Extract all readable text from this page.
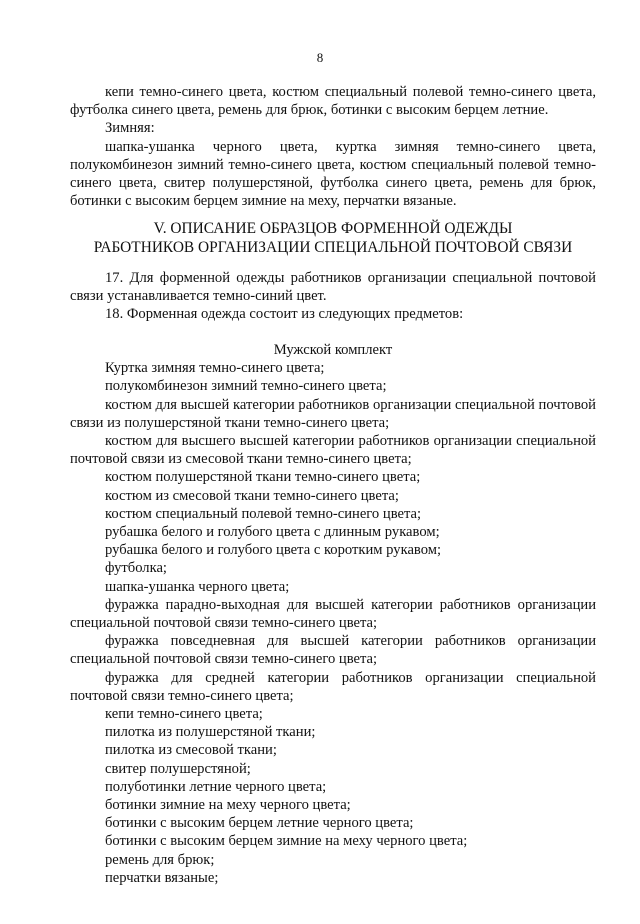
8

кепи темно-синего цвета, костюм специальный полевой темно-синего цвета, футболка синего цвета, ремень для брюк, ботинки с высоким берцем летние.

Зимняя:

шапка-ушанка черного цвета, куртка зимняя темно-синего цвета, полукомбинезон зимний темно-синего цвета, костюм специальный полевой темно-синего цвета, свитер полушерстяной, футболка синего цвета, ремень для брюк, ботинки с высоким берцем зимние на меху, перчатки вязаные.

V. ОПИСАНИЕ ОБРАЗЦОВ ФОРМЕННОЙ ОДЕЖДЫ

РАБОТНИКОВ ОРГАНИЗАЦИИ СПЕЦИАЛЬНОЙ ПОЧТОВОЙ СВЯЗИ

17. Для форменной одежды работников организации специальной почтовой связи устанавливается темно-синий цвет.

18. Форменная одежда состоит из следующих предметов:

Мужской комплект

Куртка зимняя темно-синего цвета;

полукомбинезон зимний темно-синего цвета;

костюм для высшей категории работников организации специальной почтовой связи из полушерстяной ткани темно-синего цвета;

костюм для высшего высшей категории работников организации специальной почтовой связи из смесовой ткани темно-синего цвета;

костюм полушерстяной ткани темно-синего цвета;

костюм из смесовой ткани темно-синего цвета;

костюм специальный полевой темно-синего цвета;

рубашка белого и голубого цвета с длинным рукавом;

рубашка белого и голубого цвета с коротким рукавом;

футболка;

шапка-ушанка черного цвета;

фуражка парадно-выходная для высшей категории работников организации специальной почтовой связи темно-синего цвета;

фуражка повседневная для высшей категории работников организации специальной почтовой связи темно-синего цвета;

фуражка для средней категории работников организации специальной почтовой связи темно-синего цвета;

кепи темно-синего цвета;

пилотка из полушерстяной ткани;

пилотка из смесовой ткани;

свитер полушерстяной;

полуботинки летние черного цвета;

ботинки зимние на меху черного цвета;

ботинки с высоким берцем летние черного цвета;

ботинки с высоким берцем зимние на меху черного цвета;

ремень для брюк;

перчатки вязаные;
